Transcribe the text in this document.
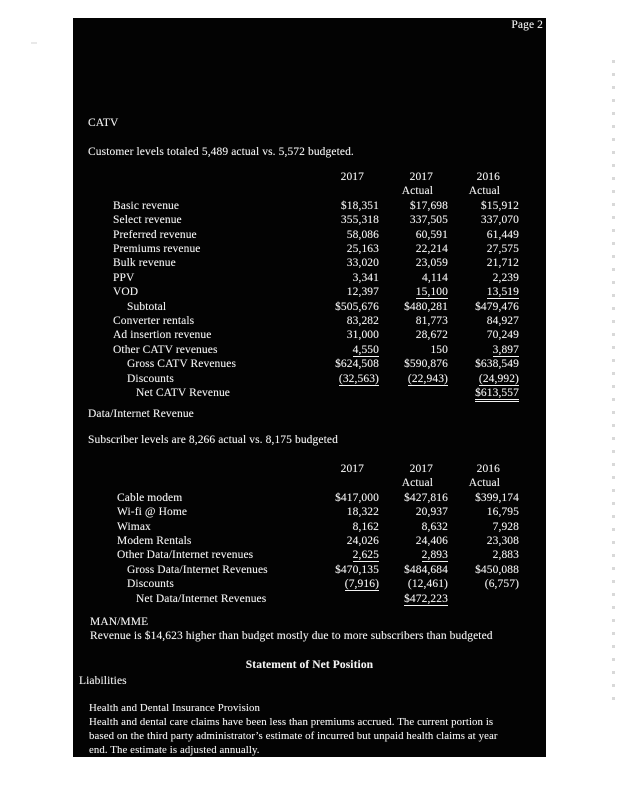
Page 2
CATV
Customer levels totaled 5,489 actual vs. 5,572 budgeted.
	2017	2017	2016
		Actual	Actual
Basic revenue	$18,351	$17,698	$15,912
Select revenue	355,318	337,505	337,070
Preferred revenue	58,086	60,591	61,449
Premiums revenue	25,163	22,214	27,575
Bulk revenue	33,020	23,059	21,712
PPV	3,341	4,114	2,239
VOD	12,397	15,100	13,519
Subtotal	$505,676	$480,281	$479,476
Converter rentals	83,282	81,773	84,927
Ad insertion revenue	31,000	28,672	70,249
Other CATV revenues	4,550	150	3,897
Gross CATV Revenues	$624,508	$590,876	$638,549
Discounts	(32,563)	(22,943)	(24,992)
Net CATV Revenue			$613,557
Data/Internet Revenue
Subscriber levels are 8,266 actual vs. 8,175 budgeted
	2017	2017	2016
		Actual	Actual
Cable modem	$417,000	$427,816	$399,174
Wi-fi @ Home	18,322	20,937	16,795
Wimax	8,162	8,632	7,928
Modem Rentals	24,026	24,406	23,308
Other Data/Internet revenues	2,625	2,893	2,883
Gross Data/Internet Revenues	$470,135	$484,684	$450,088
Discounts	(7,916)	(12,461)	(6,757)
Net Data/Internet Revenues		$472,223	
MAN/MME
Revenue is $14,623 higher than budget mostly due to more subscribers than budgeted
Statement of Net Position
Liabilities
Health and Dental Insurance Provision
Health and dental care claims have been less than premiums accrued. The current portion is
based on the third party administrator’s estimate of incurred but unpaid health claims at year
end. The estimate is adjusted annually.
